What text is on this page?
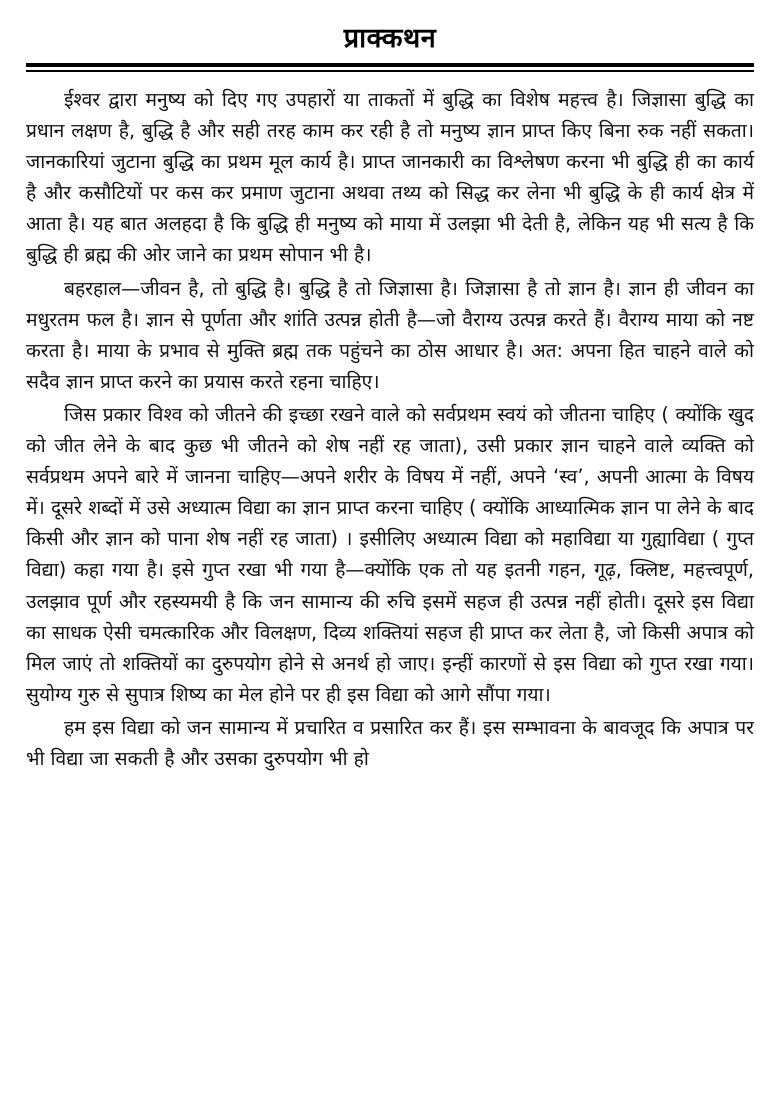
प्राक्कथन

ईश्वर द्वारा मनुष्य को दिए गए उपहारों या ताकतों में बुद्धि का विशेष महत्त्व है। जिज्ञासा बुद्धि का प्रधान लक्षण है, बुद्धि है और सही तरह काम कर रही है तो मनुष्य ज्ञान प्राप्त किए बिना रुक नहीं सकता। जानकारियां जुटाना बुद्धि का प्रथम मूल कार्य है। प्राप्त जानकारी का विश्लेषण करना भी बुद्धि ही का कार्य है और कसौटियों पर कस कर प्रमाण जुटाना अथवा तथ्य को सिद्ध कर लेना भी बुद्धि के ही कार्य क्षेत्र में आता है। यह बात अलहदा है कि बुद्धि ही मनुष्य को माया में उलझा भी देती है, लेकिन यह भी सत्य है कि बुद्धि ही ब्रह्म की ओर जाने का प्रथम सोपान भी है।

बहरहाल—जीवन है, तो बुद्धि है। बुद्धि है तो जिज्ञासा है। जिज्ञासा है तो ज्ञान है। ज्ञान ही जीवन का मधुरतम फल है। ज्ञान से पूर्णता और शांति उत्पन्न होती है—जो वैराग्य उत्पन्न करते हैं। वैराग्य माया को नष्ट करता है। माया के प्रभाव से मुक्ति ब्रह्म तक पहुंचने का ठोस आधार है। अत: अपना हित चाहने वाले को सदैव ज्ञान प्राप्त करने का प्रयास करते रहना चाहिए।

जिस प्रकार विश्व को जीतने की इच्छा रखने वाले को सर्वप्रथम स्वयं को जीतना चाहिए ( क्योंकि खुद को जीत लेने के बाद कुछ भी जीतने को शेष नहीं रह जाता), उसी प्रकार ज्ञान चाहने वाले व्यक्ति को सर्वप्रथम अपने बारे में जानना चाहिए—अपने शरीर के विषय में नहीं, अपने ‘स्व’, अपनी आत्मा के विषय में। दूसरे शब्दों में उसे अध्यात्म विद्या का ज्ञान प्राप्त करना चाहिए ( क्योंकि आध्यात्मिक ज्ञान पा लेने के बाद किसी और ज्ञान को पाना शेष नहीं रह जाता) । इसीलिए अध्यात्म विद्या को महाविद्या या गुह्याविद्या ( गुप्त विद्या) कहा गया है। इसे गुप्त रखा भी गया है—क्योंकि एक तो यह इतनी गहन, गूढ़, क्लिष्ट, महत्त्वपूर्ण, उलझाव पूर्ण और रहस्यमयी है कि जन सामान्य की रुचि इसमें सहज ही उत्पन्न नहीं होती। दूसरे इस विद्या का साधक ऐसी चमत्कारिक और विलक्षण, दिव्य शक्तियां सहज ही प्राप्त कर लेता है, जो किसी अपात्र को मिल जाएं तो शक्तियों का दुरुपयोग होने से अनर्थ हो जाए। इन्हीं कारणों से इस विद्या को गुप्त रखा गया। सुयोग्य गुरु से सुपात्र शिष्य का मेल होने पर ही इस विद्या को आगे सौंपा गया।

हम इस विद्या को जन सामान्य में प्रचारित व प्रसारित कर हैं। इस सम्भावना के बावजूद कि अपात्र पर भी विद्या जा सकती है और उसका दुरुपयोग भी हो
